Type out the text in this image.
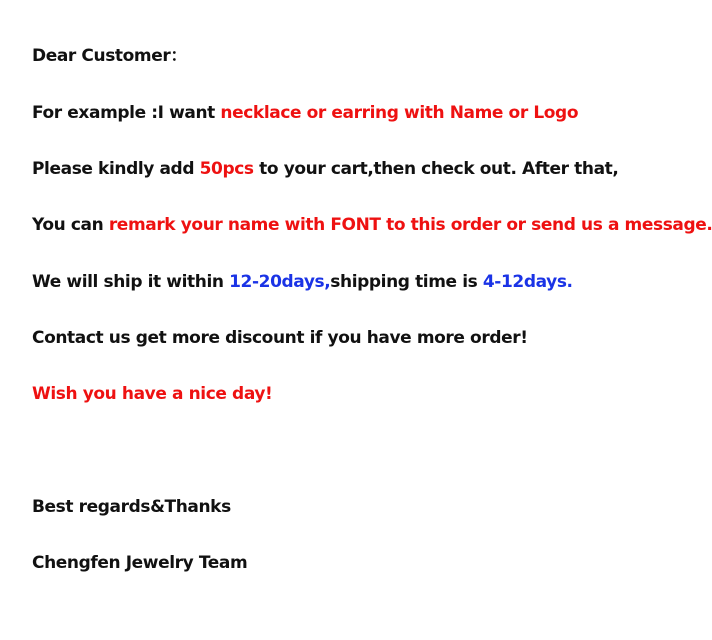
Dear Customer：
For example :I want necklace or earring with Name or Logo
Please kindly add 50pcs to your cart,then check out. After that,
You can remark your name with FONT to this order or send us a message.
We will ship it within 12-20days,shipping time is 4-12days.
Contact us get more discount if you have more order!
Wish you have a nice day!
Best regards&Thanks
Chengfen Jewelry Team
